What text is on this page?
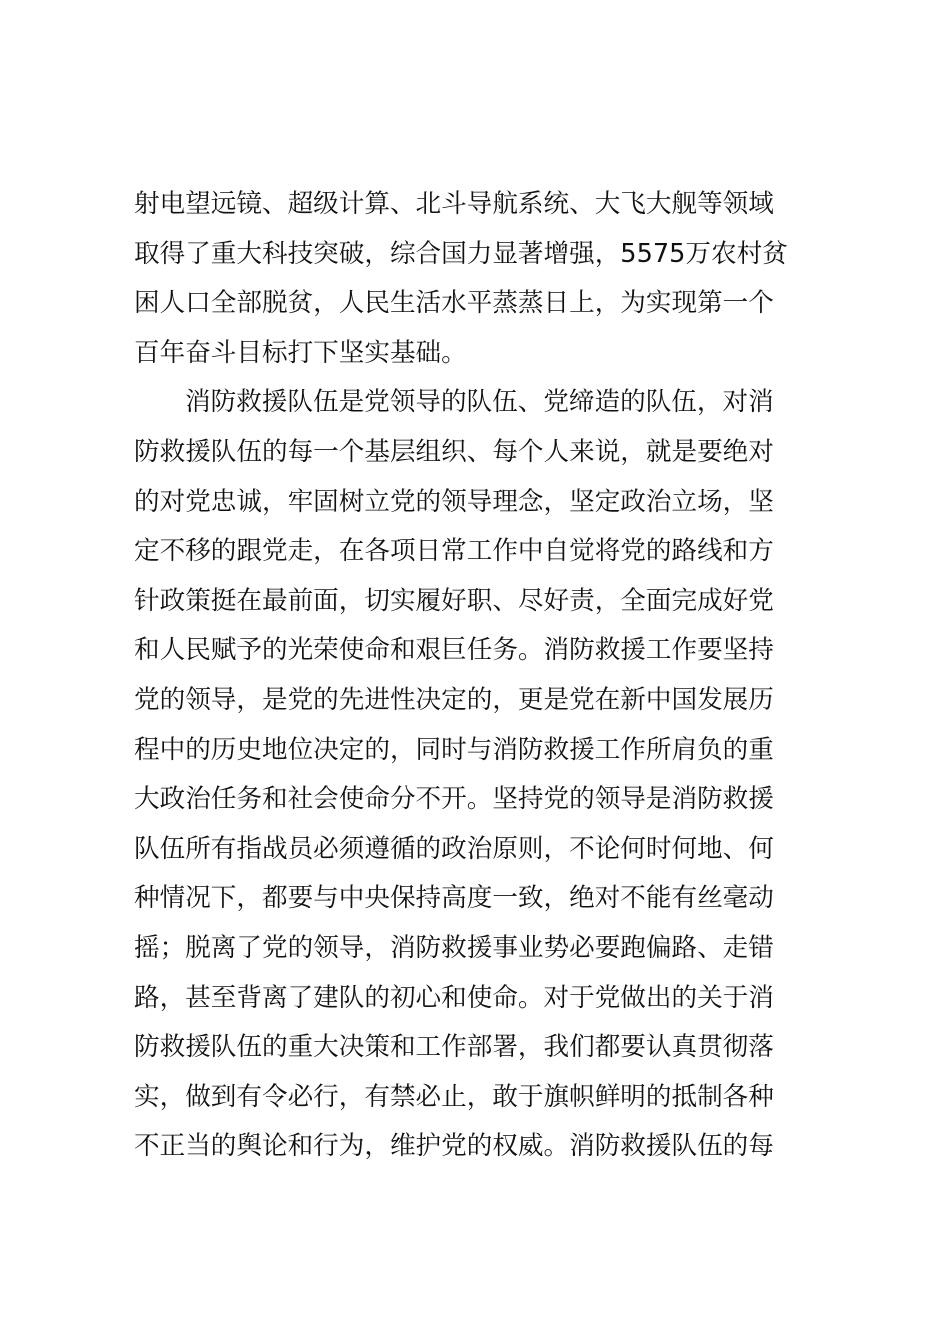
射电望远镜、超级计算、北斗导航系统、大飞大舰等领域
取得了重大科技突破，综合国力显著增强，5575万农村贫
困人口全部脱贫，人民生活水平蒸蒸日上，为实现第一个
百年奋斗目标打下坚实基础。
消防救援队伍是党领导的队伍、党缔造的队伍，对消
防救援队伍的每一个基层组织、每个人来说，就是要绝对
的对党忠诚，牢固树立党的领导理念，坚定政治立场，坚
定不移的跟党走，在各项日常工作中自觉将党的路线和方
针政策挺在最前面，切实履好职、尽好责，全面完成好党
和人民赋予的光荣使命和艰巨任务。消防救援工作要坚持
党的领导，是党的先进性决定的，更是党在新中国发展历
程中的历史地位决定的，同时与消防救援工作所肩负的重
大政治任务和社会使命分不开。坚持党的领导是消防救援
队伍所有指战员必须遵循的政治原则，不论何时何地、何
种情况下，都要与中央保持高度一致，绝对不能有丝毫动
摇；脱离了党的领导，消防救援事业势必要跑偏路、走错
路，甚至背离了建队的初心和使命。对于党做出的关于消
防救援队伍的重大决策和工作部署，我们都要认真贯彻落
实，做到有令必行，有禁必止，敢于旗帜鲜明的抵制各种
不正当的舆论和行为，维护党的权威。消防救援队伍的每
